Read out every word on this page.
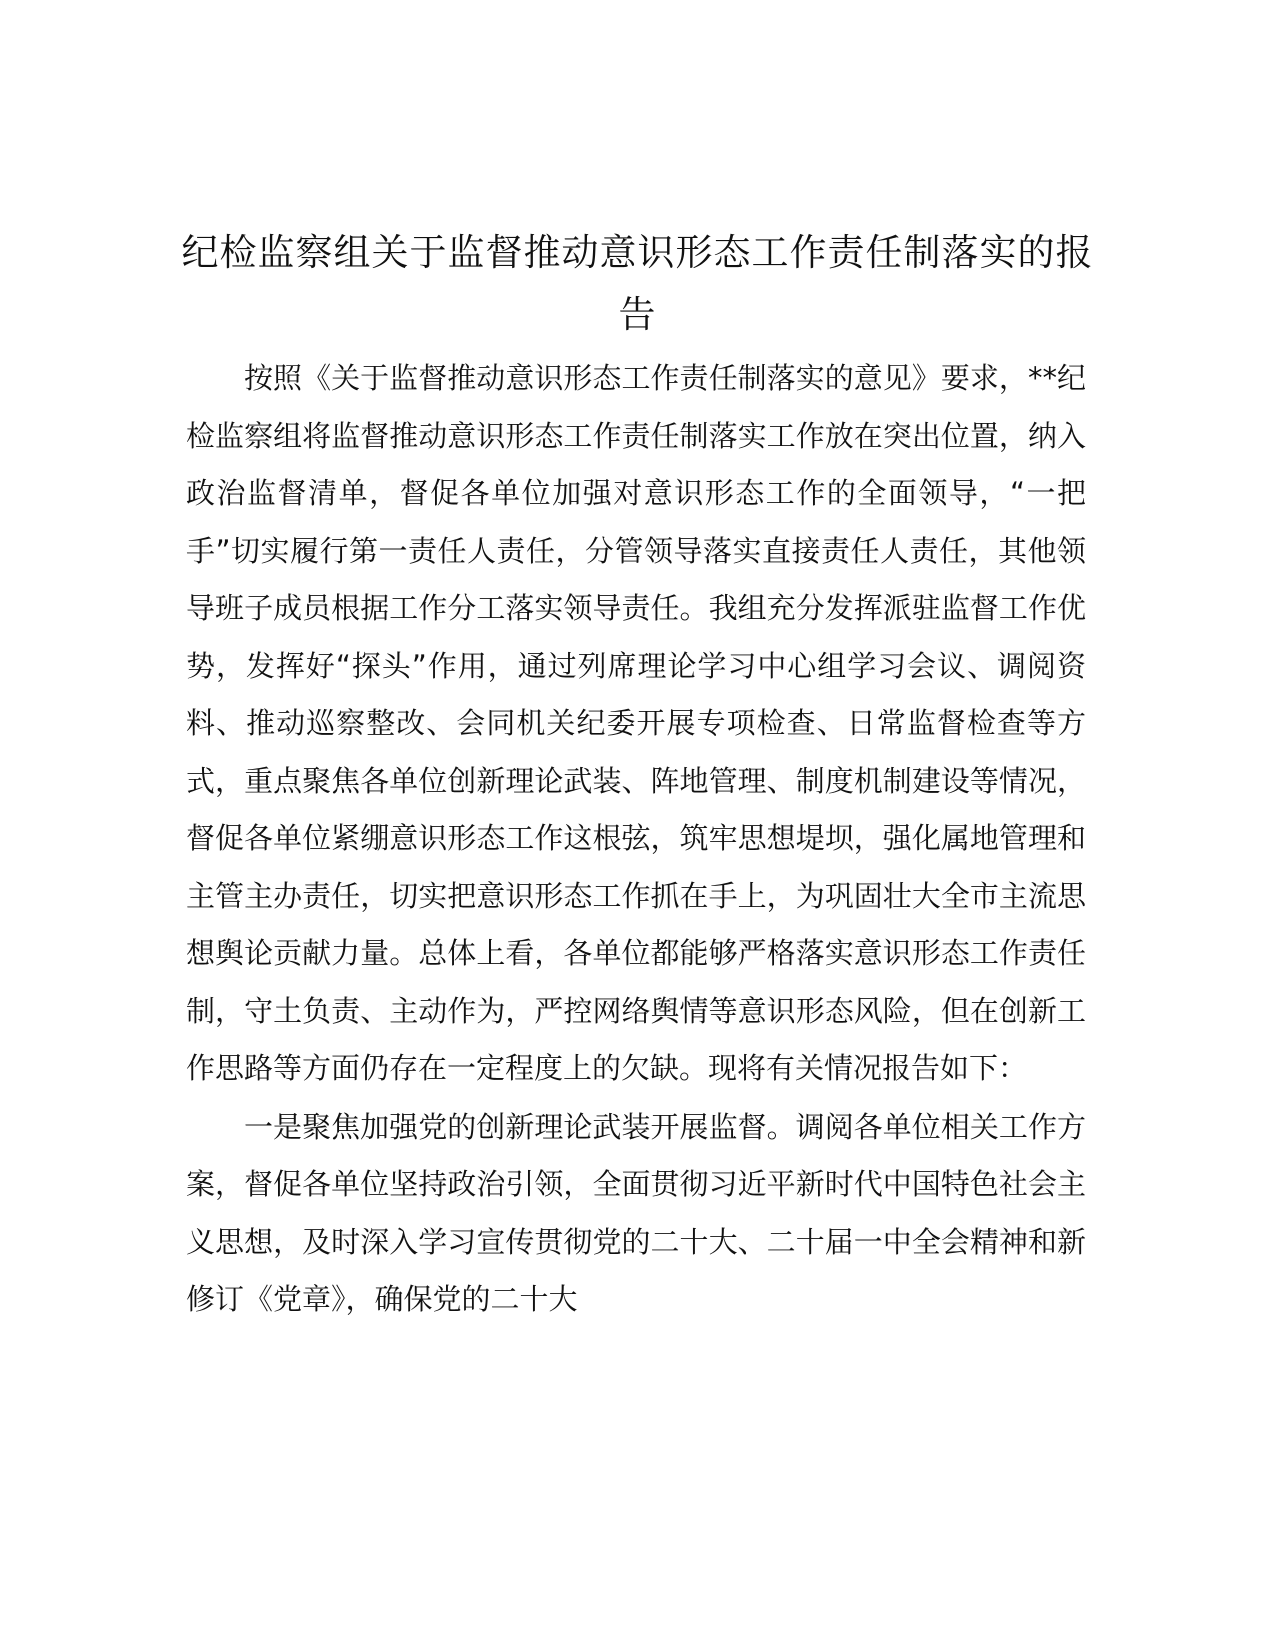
纪检监察组关于监督推动意识形态工作责任制落实的报告

按照《关于监督推动意识形态工作责任制落实的意见》要求，**纪检监察组将监督推动意识形态工作责任制落实工作放在突出位置，纳入政治监督清单，督促各单位加强对意识形态工作的全面领导，“一把手”切实履行第一责任人责任，分管领导落实直接责任人责任，其他领导班子成员根据工作分工落实领导责任。我组充分发挥派驻监督工作优势，发挥好“探头”作用，通过列席理论学习中心组学习会议、调阅资料、推动巡察整改、会同机关纪委开展专项检查、日常监督检查等方式，重点聚焦各单位创新理论武装、阵地管理、制度机制建设等情况，督促各单位紧绷意识形态工作这根弦，筑牢思想堤坝，强化属地管理和主管主办责任，切实把意识形态工作抓在手上，为巩固壮大全市主流思想舆论贡献力量。总体上看，各单位都能够严格落实意识形态工作责任制，守土负责、主动作为，严控网络舆情等意识形态风险，但在创新工作思路等方面仍存在一定程度上的欠缺。现将有关情况报告如下：

一是聚焦加强党的创新理论武装开展监督。调阅各单位相关工作方案，督促各单位坚持政治引领，全面贯彻习近平新时代中国特色社会主义思想，及时深入学习宣传贯彻党的二十大、二十届一中全会精神和新修订《党章》，确保党的二十大
